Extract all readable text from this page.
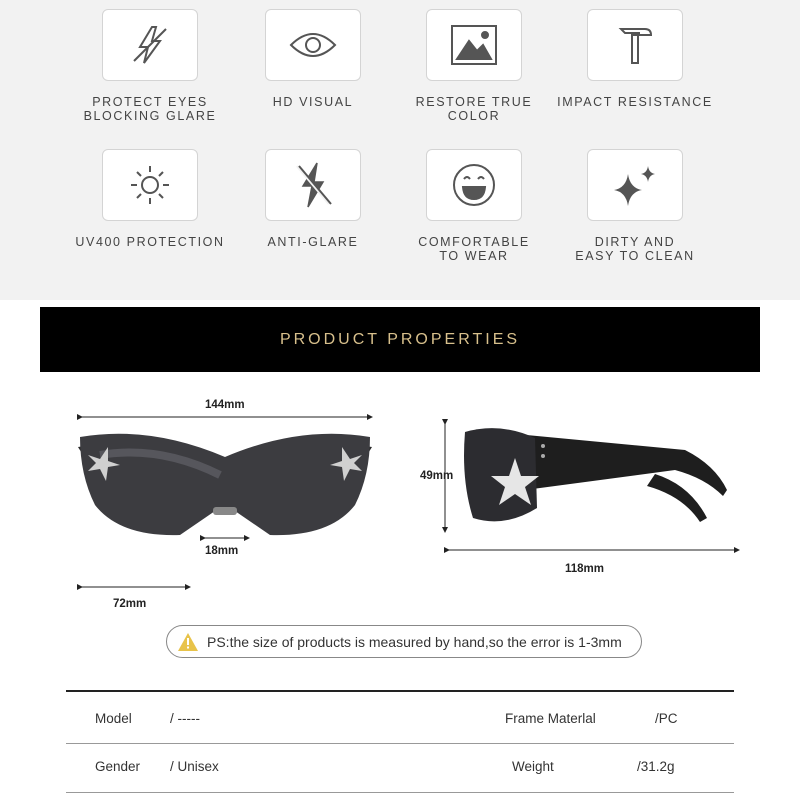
PROTECT EYES
BLOCKING GLARE
HD VISUAL	RESTORE TRUE COLOR
IMPACT RESISTANCE
UV400 PROTECTION	ANTI-GLARE	COMFORTABLE
TO WEAR
DIRTY AND
EASY TO CLEAN
PRODUCT PROPERTIES
144mm
18mm
72mm
49mm
118mm
PS:the size of products is measured by hand,so the error is 1-3mm
Model	/ -----	Frame Materlal	/PC
Gender / Unisex	Weight	/31.2g
